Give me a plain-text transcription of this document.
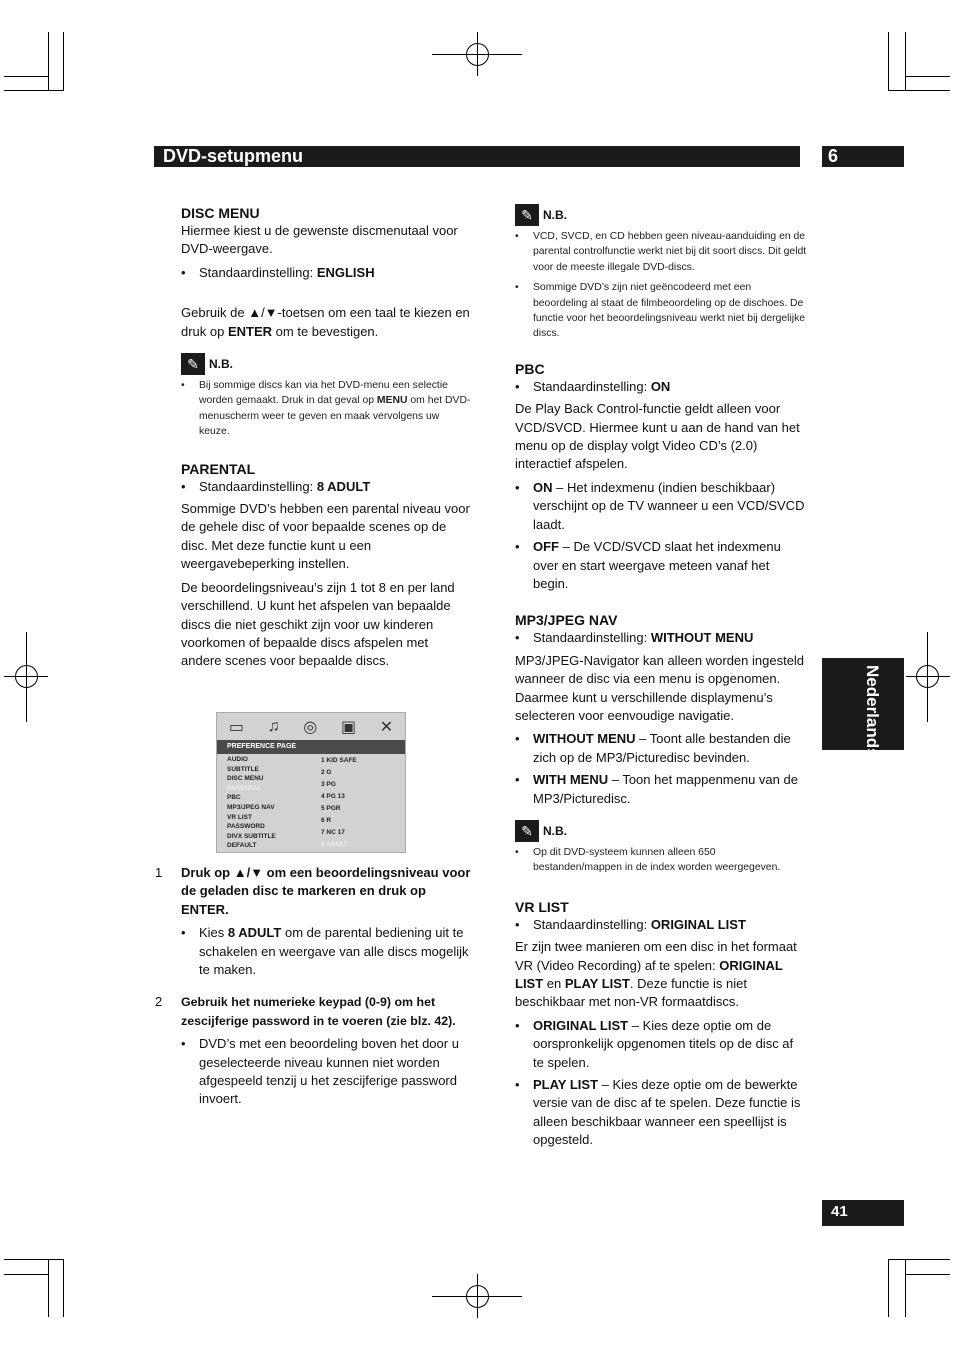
DVD-setupmenu	6
Nederlands
41
DISC MENU

Hiermee kiest u de gewenste discmenutaal voor DVD-weergave.

• Standaardinstelling: ENGLISH

Gebruik de ▲/▼-toetsen om een taal te kiezen en druk op ENTER om te bevestigen.

✎ N.B.
• Bij sommige discs kan via het DVD-menu een selectie worden gemaakt. Druk in dat geval op MENU om het DVD-menuscherm weer te geven en maak vervolgens uw keuze.
PARENTAL
• Standaardinstelling: 8 ADULT

Sommige DVD’s hebben een parental niveau voor de gehele disc of voor bepaalde scenes op de disc. Met deze functie kunt u een weergavebeperking instellen.

De beoordelingsniveau’s zijn 1 tot 8 en per land verschillend. U kunt het afspelen van bepaalde discs die niet geschikt zijn voor uw kinderen voorkomen of bepaalde discs afspelen met andere scenes voor bepaalde discs.

▭ ♫ ◎ ▣ ✕
PREFERENCE PAGE
AUDIO
SUBTITLE
DISC MENU
PARENTAL
PBC
MP3/JPEG NAV
VR LIST
PASSWORD
DIVX SUBTITLE
DEFAULT
1 KID SAFE
2 G
3 PG
4 PG 13
5 PGR
6 R
7 NC 17
8 ADULT
1 Druk op ▲/▼ om een beoordelingsniveau voor de geladen disc te markeren en druk op ENTER.

• Kies 8 ADULT om de parental bediening uit te schakelen en weergave van alle discs mogelijk te maken.
2 Gebruik het numerieke keypad (0-9) om het zescijferige password in te voeren (zie blz. 42).

• DVD’s met een beoordeling boven het door u geselecteerde niveau kunnen niet worden afgespeeld tenzij u het zescijferige password invoert.
✎ N.B.
• VCD, SVCD, en CD hebben geen niveau-aanduiding en de parental controlfunctie werkt niet bij dit soort discs. Dit geldt voor de meeste illegale DVD-discs.
• Sommige DVD’s zijn niet geëncodeerd met een beoordeling al staat de filmbeoordeling op de dischoes. De functie voor het beoordelingsniveau werkt niet bij dergelijke discs.
PBC
• Standaardinstelling: ON

De Play Back Control-functie geldt alleen voor VCD/SVCD. Hiermee kunt u aan de hand van het menu op de display volgt Video CD’s (2.0) interactief afspelen.

• ON – Het indexmenu (indien beschikbaar) verschijnt op de TV wanneer u een VCD/SVCD laadt.
• OFF – De VCD/SVCD slaat het indexmenu over en start weergave meteen vanaf het begin.
MP3/JPEG NAV
• Standaardinstelling: WITHOUT MENU

MP3/JPEG-Navigator kan alleen worden ingesteld wanneer de disc via een menu is opgenomen. Daarmee kunt u verschillende displaymenu’s selecteren voor eenvoudige navigatie.

• WITHOUT MENU – Toont alle bestanden die zich op de MP3/Picturedisc bevinden.
• WITH MENU – Toon het mappenmenu van de MP3/Picturedisc.
✎ N.B.
• Op dit DVD-systeem kunnen alleen 650 bestanden/mappen in de index worden weergegeven.
VR LIST
• Standaardinstelling: ORIGINAL LIST

Er zijn twee manieren om een disc in het formaat VR (Video Recording) af te spelen: ORIGINAL LIST en PLAY LIST. Deze functie is niet beschikbaar met non-VR formaatdiscs.

• ORIGINAL LIST – Kies deze optie om de oorspronkelijk opgenomen titels op de disc af te spelen.
• PLAY LIST – Kies deze optie om de bewerkte versie van de disc af te spelen. Deze functie is alleen beschikbaar wanneer een speellijst is opgesteld.
